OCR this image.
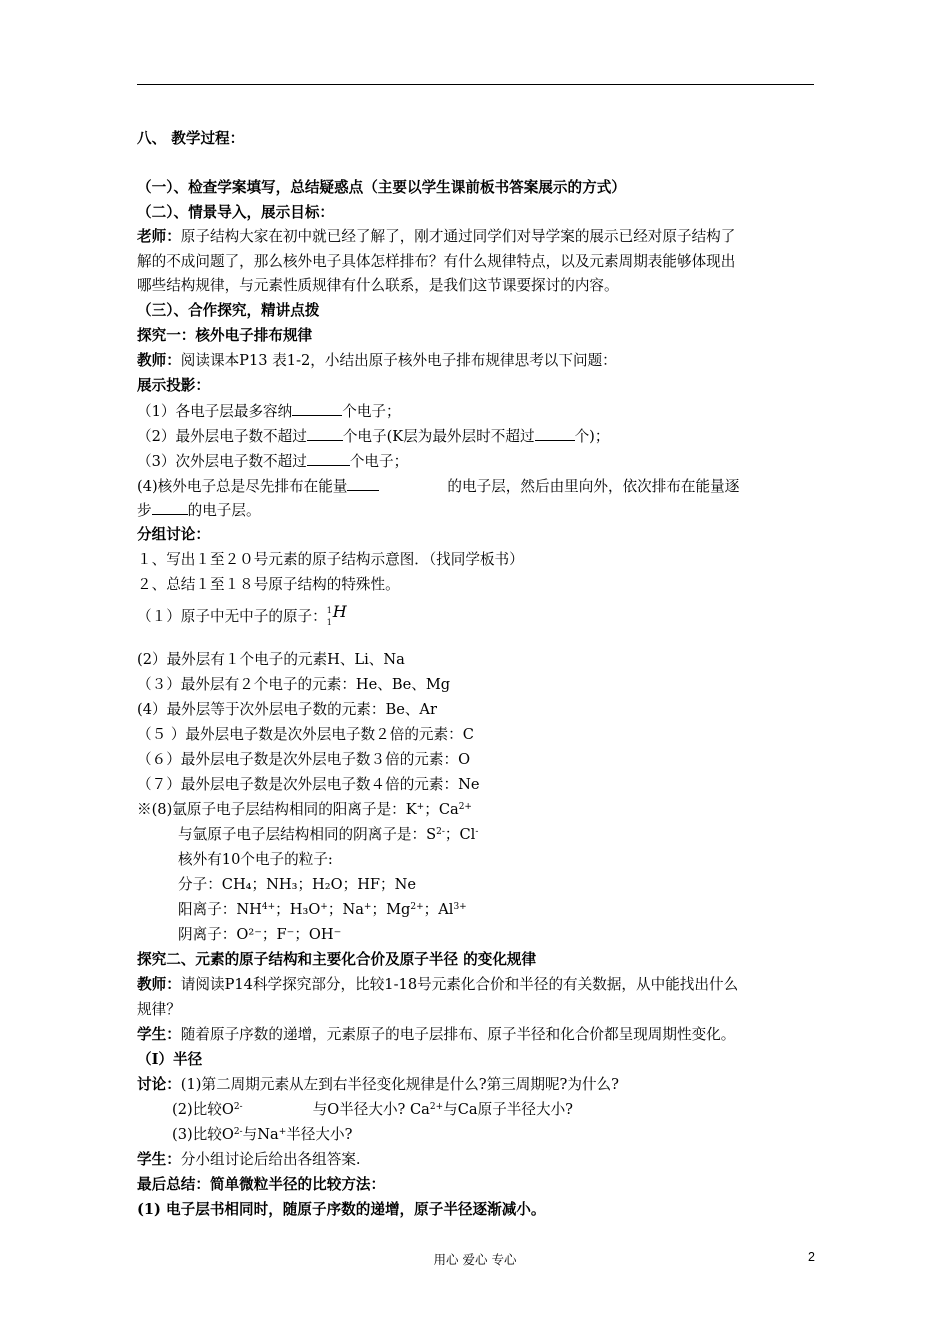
八、 教学过程：
（一）、检查学案填写，总结疑惑点（主要以学生课前板书答案展示的方式）
（二）、情景导入，展示目标：
老师：原子结构大家在初中就已经了解了，刚才通过同学们对导学案的展示已经对原子结构了
解的不成问题了，那么核外电子具体怎样排布？有什么规律特点，以及元素周期表能够体现出
哪些结构规律，与元素性质规律有什么联系，是我们这节课要探讨的内容。
（三）、合作探究，精讲点拨
探究一：核外电子排布规律
教师：阅读课本P13 表1-2，小结出原子核外电子排布规律思考以下问题：
展示投影：
（1）各电子层最多容纳	个电子；
（2）最外层电子数不超过 个电子(K层为最外层时不超过	个)；
（3）次外层电子数不超过	个电子；
(4)核外电子总是尽先排布在能量	的电子层，然后由里向外，依次排布在能量逐
步 的电子层。
分组讨论：
１、写出１至２０号元素的原子结构示意图．（找同学板书）
２、总结１至１８号原子结构的特殊性。
（１）原子中无中子的原子： 1
1
H
(2）最外层有１个电子的元素H、Li、Na
（３）最外层有２个电子的元素：He、Be、Mg
(4）最外层等于次外层电子数的元素：Be、Ar
（５ ）最外层电子数是次外层电子数２倍的元素：C
（６）最外层电子数是次外层电子数３倍的元素：O
（７）最外层电子数是次外层电子数４倍的元素：Ne
※(8)氩原子电子层结构相同的阳离子是：K+；$Ca^{2+}$
与氩原子电子层结构相同的阴离子是：$S^{2-}$；Cl-
核外有10个电子的粒子:
分子：CH₄；NH₃；H₂O；HF；Ne
阳离子：$NH^{4+}$；H₃O+；Na+；$Mg^{2+}$；$Al^{3+}$
阴离子：O²⁻；F⁻；OH⁻
探究二、元素的原子结构和主要化合价及原子半径 的变化规律
教师：请阅读P14科学探究部分，比较1-18号元素化合价和半径的有关数据，从中能找出什么
规律？
学生：随着原子序数的递增，元素原子的电子层排布、原子半径和化合价都呈现周期性变化。
（Ⅰ）半径
讨论：(1)第二周期元素从左到右半径变化规律是什么?第三周期呢?为什么?
(2)比较$O^{2-}$	与O半径大小? $Ca^{2+}$与Ca原子半径大小?
(3)比较$O^{2-}$与Na+半径大小?
学生：分小组讨论后给出各组答案.
最后总结：简单微粒半径的比较方法：
(1) 电子层书相同时，随原子序数的递增，原子半径逐渐减小。
用心 爱心 专心	2
